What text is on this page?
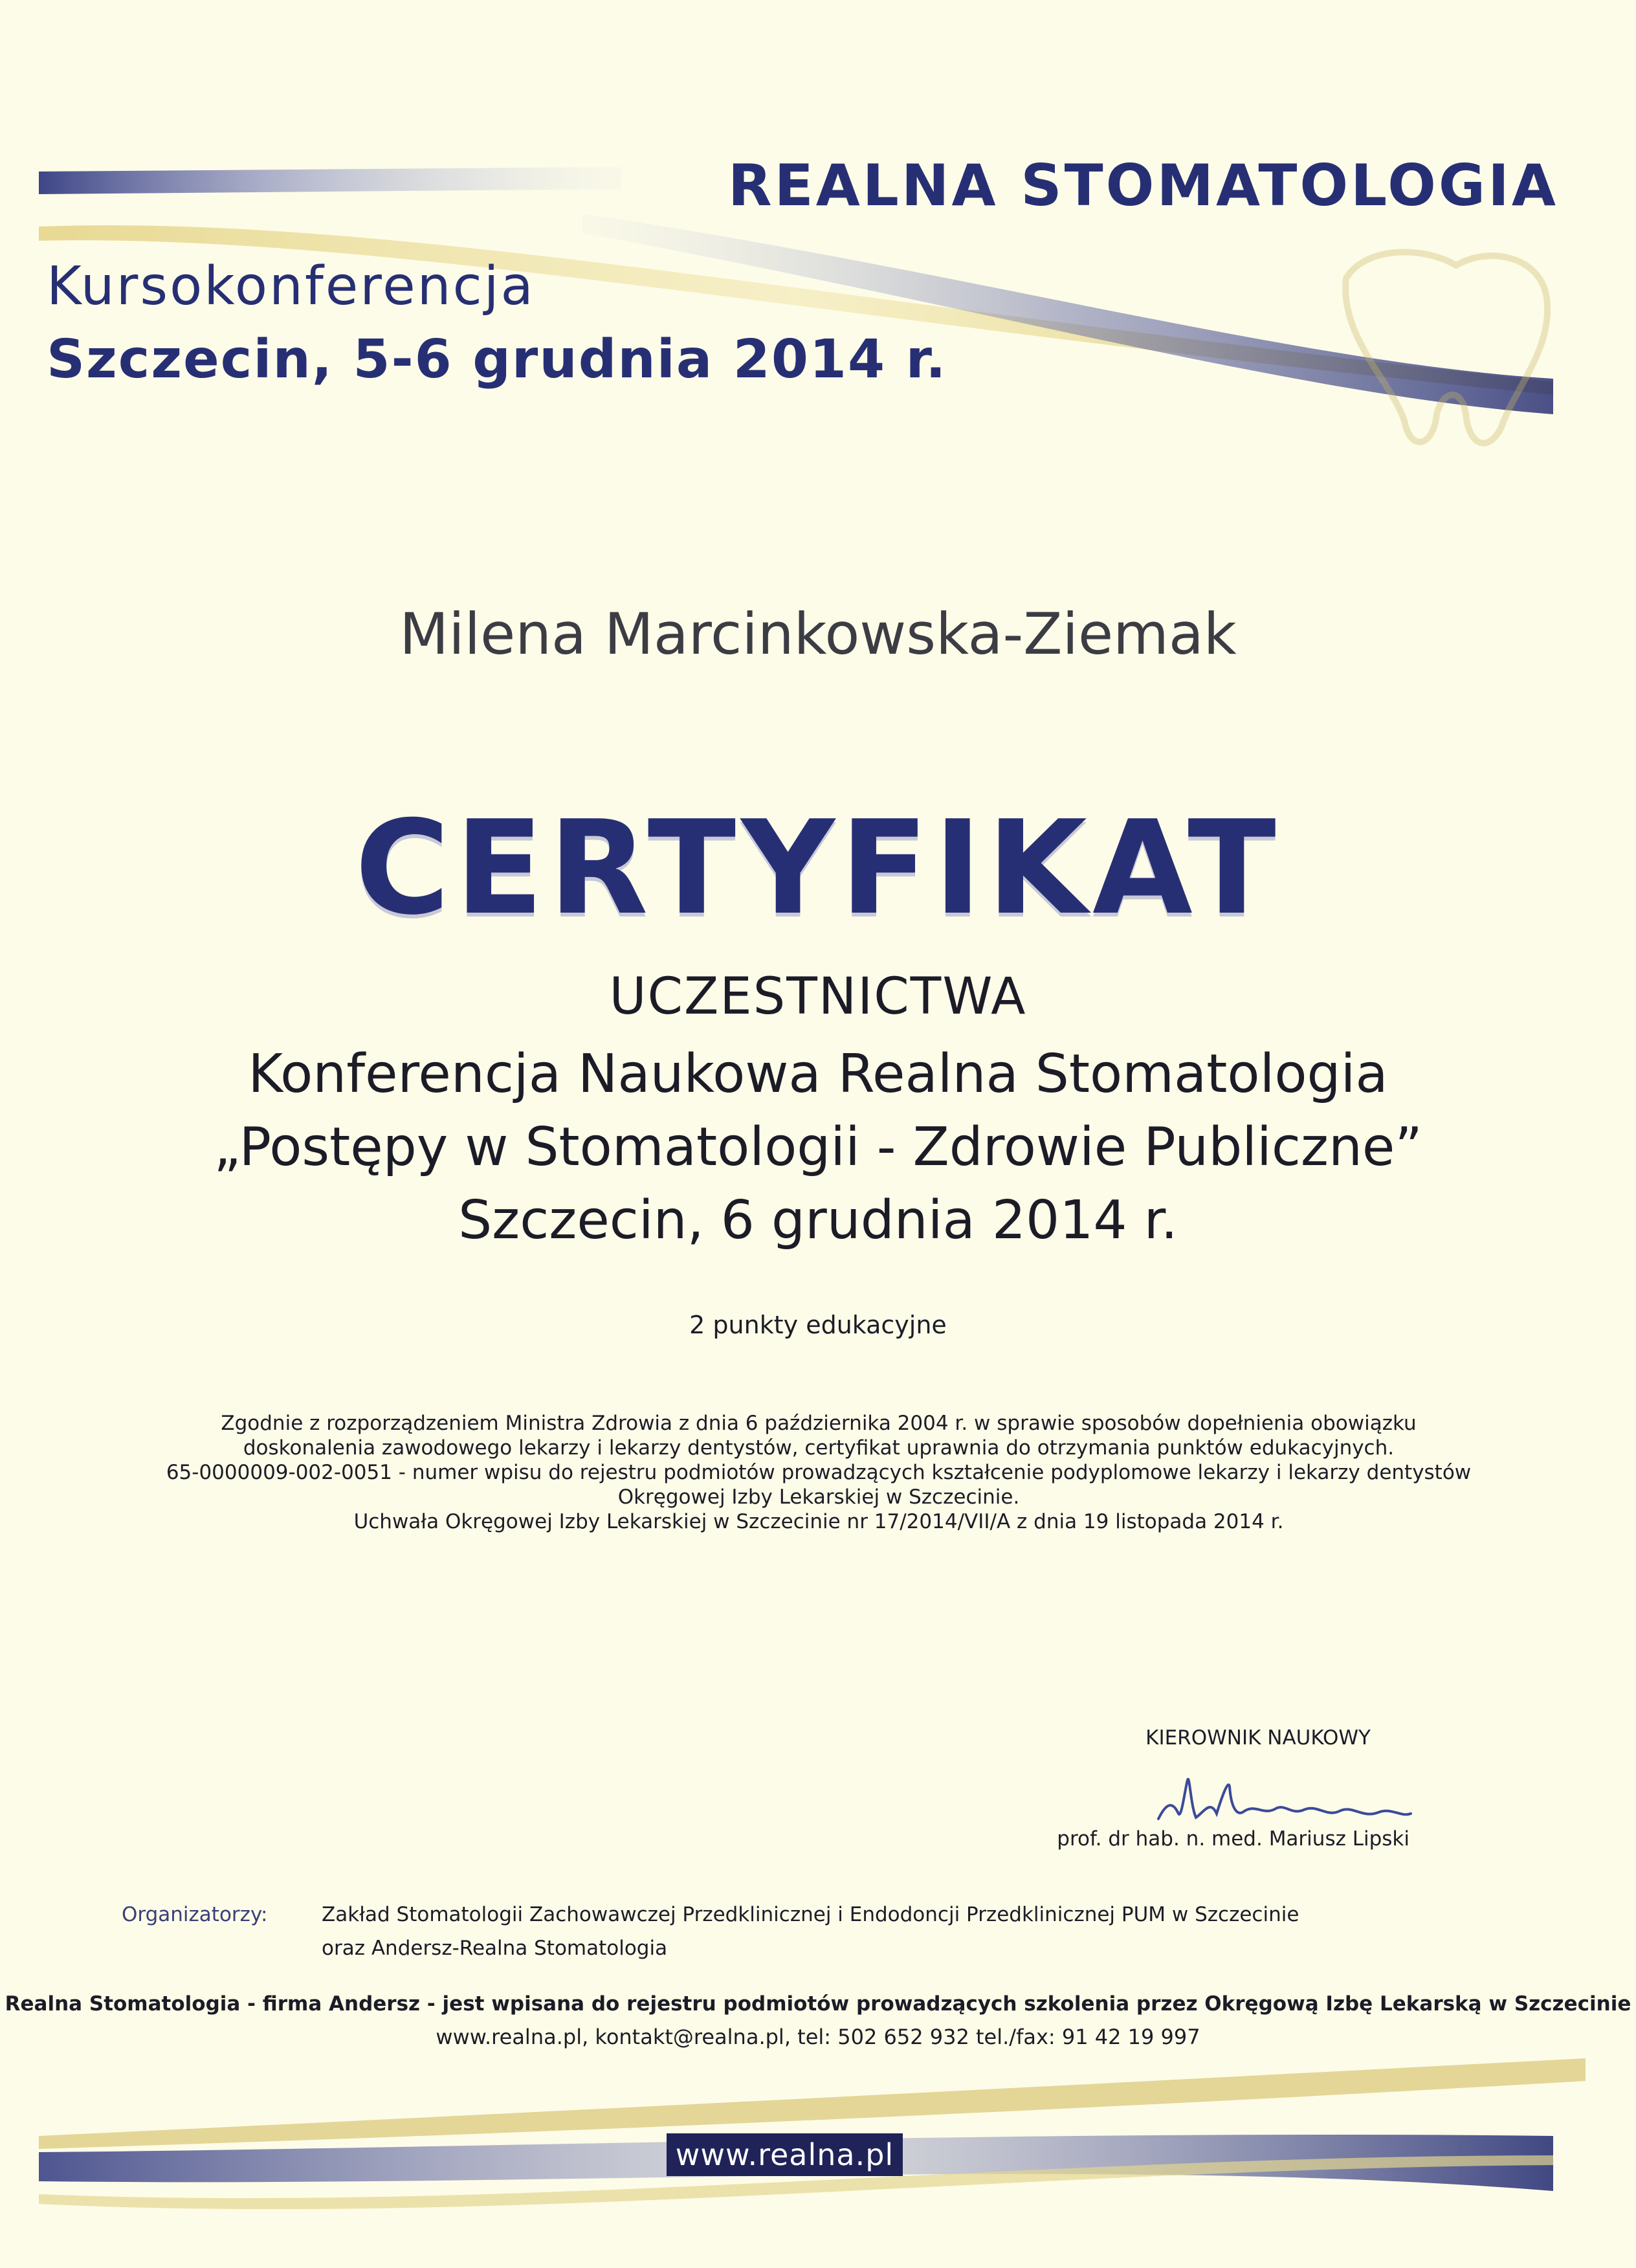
REALNA STOMATOLOGIA
Kursokonferencja
Szczecin, 5-6 grudnia 2014 r.
Milena Marcinkowska-Ziemak
CERTYFIKAT
UCZESTNICTWA
Konferencja Naukowa Realna Stomatologia
„Postępy w Stomatologii - Zdrowie Publiczne”
Szczecin, 6 grudnia 2014 r.
2 punkty edukacyjne
Zgodnie z rozporządzeniem Ministra Zdrowia z dnia 6 października 2004 r. w sprawie sposobów dopełnienia obowiązku
doskonalenia zawodowego lekarzy i lekarzy dentystów, certyfikat uprawnia do otrzymania punktów edukacyjnych.
65-0000009-002-0051 - numer wpisu do rejestru podmiotów prowadzących kształcenie podyplomowe lekarzy i lekarzy dentystów
Okręgowej Izby Lekarskiej w Szczecinie.
Uchwała Okręgowej Izby Lekarskiej w Szczecinie nr 17/2014/VII/A z dnia 19 listopada 2014 r.
KIEROWNIK NAUKOWY
prof. dr hab. n. med. Mariusz Lipski
Organizatorzy:	Zakład Stomatologii Zachowawczej Przedklinicznej i Endodoncji Przedklinicznej PUM w Szczecinie
oraz Andersz-Realna Stomatologia
Realna Stomatologia - firma Andersz - jest wpisana do rejestru podmiotów prowadzących szkolenia przez Okręgową Izbę Lekarską w Szczecinie
www.realna.pl, kontakt@realna.pl, tel: 502 652 932 tel./fax: 91 42 19 997
www.realna.pl
